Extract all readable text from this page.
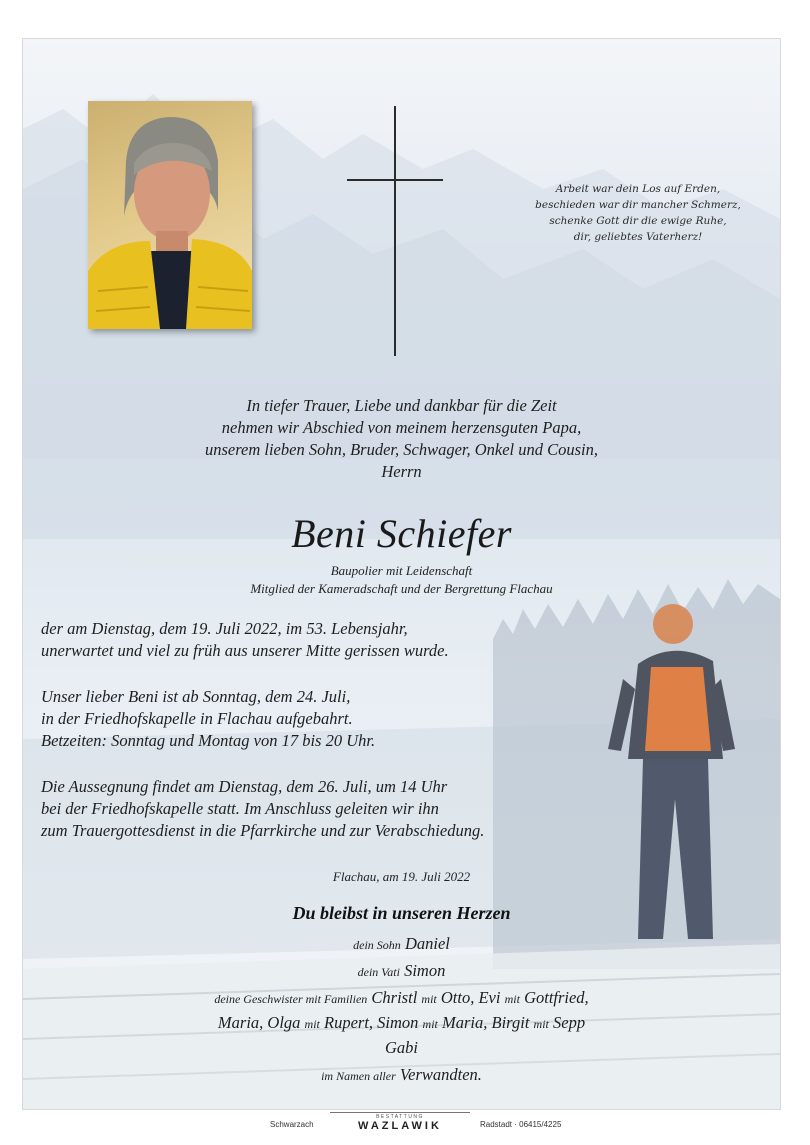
Arbeit war dein Los auf Erden,
beschieden war dir mancher Schmerz,
schenke Gott dir die ewige Ruhe,
dir, geliebtes Vaterherz!
In tiefer Trauer, Liebe und dankbar für die Zeit
nehmen wir Abschied von meinem herzensguten Papa,
unserem lieben Sohn, Bruder, Schwager, Onkel und Cousin,
Herrn
Beni Schiefer
Baupolier mit Leidenschaft
Mitglied der Kameradschaft und der Bergrettung Flachau
der am Dienstag, dem 19. Juli 2022, im 53. Lebensjahr,
unerwartet und viel zu früh aus unserer Mitte gerissen wurde.
Unser lieber Beni ist ab Sonntag, dem 24. Juli,
in der Friedhofskapelle in Flachau aufgebahrt.
Betzeiten: Sonntag und Montag von 17 bis 20 Uhr.
Die Aussegnung findet am Dienstag, dem 26. Juli, um 14 Uhr
bei der Friedhofskapelle statt. Im Anschluss geleiten wir ihn
zum Trauergottesdienst in die Pfarrkirche und zur Verabschiedung.
Flachau, am 19. Juli 2022
Du bleibst in unseren Herzen
dein Sohn Daniel
dein Vati Simon
deine Geschwister mit Familien Christl mit Otto, Evi mit Gottfried,
Maria, Olga mit Rupert, Simon mit Maria, Birgit mit Sepp
Gabi
im Namen aller Verwandten.
Schwarzach
BESTATTUNG
WAZLAWIK	Radstadt · 06415/4225
